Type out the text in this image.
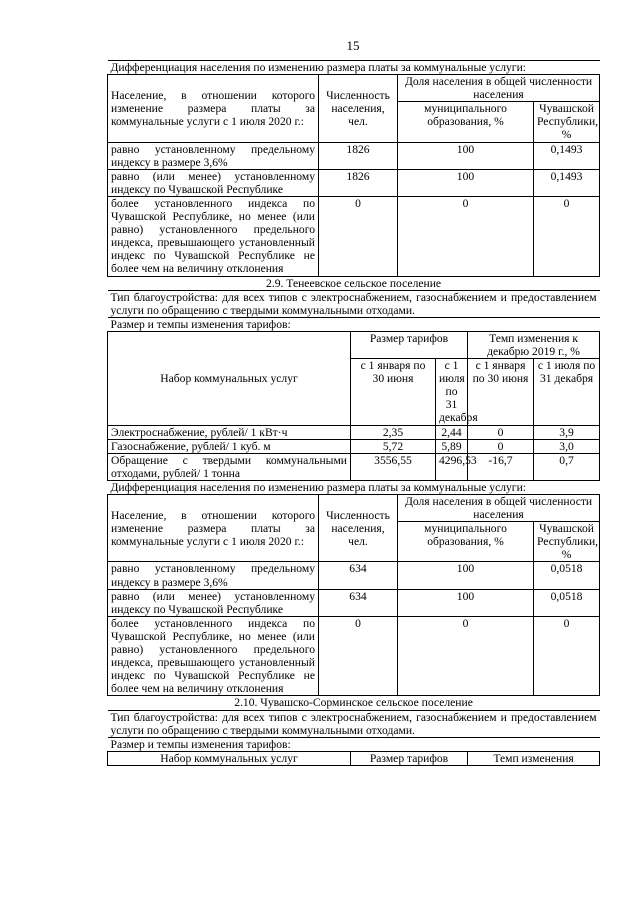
15
Дифференциация населения по изменению размера платы за коммунальные услуги:						
Население, в отношении которого изменение размера платы за коммунальные услуги с 1 июля 2020 г.:	Численность населения, чел.		Доля населения в общей численности населения			
			муниципального образования, %			Чувашской Республики, %
равно установленному предельному индексу в размере 3,6%	1826		100			0,1493
равно (или менее) установленному индексу по Чувашской Республике	1826		100			0,1493
более установленного индекса по Чувашской Республике, но менее (или равно) установленного предельного индекса, превышающего установленный индекс по Чувашской Республике не более чем на величину отклонения	0		0			0
2.9. Тенеевское сельское поселение						
Тип благоустройства: для всех типов с электроснабжением, газоснабжением и предоставлением услуги по обращению с твердыми коммунальными отходами.						
Размер и темпы изменения тарифов:						
Набор коммунальных услуг		Размер тарифов			Темп изменения к декабрю 2019 г., %	
		с 1 января по 30 июня		с 1 июля по 31 декабря	с 1 января по 30 июня	с 1 июля по 31 декабря
Электроснабжение, рублей/ 1 кВт·ч		2,35		2,44	0	3,9
Газоснабжение, рублей/ 1 куб. м		5,72		5,89	0	3,0
Обращение с твердыми коммунальными отходами, рублей/ 1 тонна		3556,55		4296,53	-16,7	0,7
Дифференциация населения по изменению размера платы за коммунальные услуги:						
Население, в отношении которого изменение размера платы за коммунальные услуги с 1 июля 2020 г.:	Численность населения, чел.		Доля населения в общей численности населения			
			муниципального образования, %			Чувашской Республики, %
равно установленному предельному индексу в размере 3,6%	634		100			0,0518
равно (или менее) установленному индексу по Чувашской Республике	634		100			0,0518
более установленного индекса по Чувашской Республике, но менее (или равно) установленного предельного индекса, превышающего установленный индекс по Чувашской Республике не более чем на величину отклонения	0		0			0
2.10. Чувашско-Сорминское сельское поселение						
Тип благоустройства: для всех типов с электроснабжением, газоснабжением и предоставлением услуги по обращению с твердыми коммунальными отходами.						
Размер и темпы изменения тарифов:						
Набор коммунальных услуг		Размер тарифов			Темп изменения	
